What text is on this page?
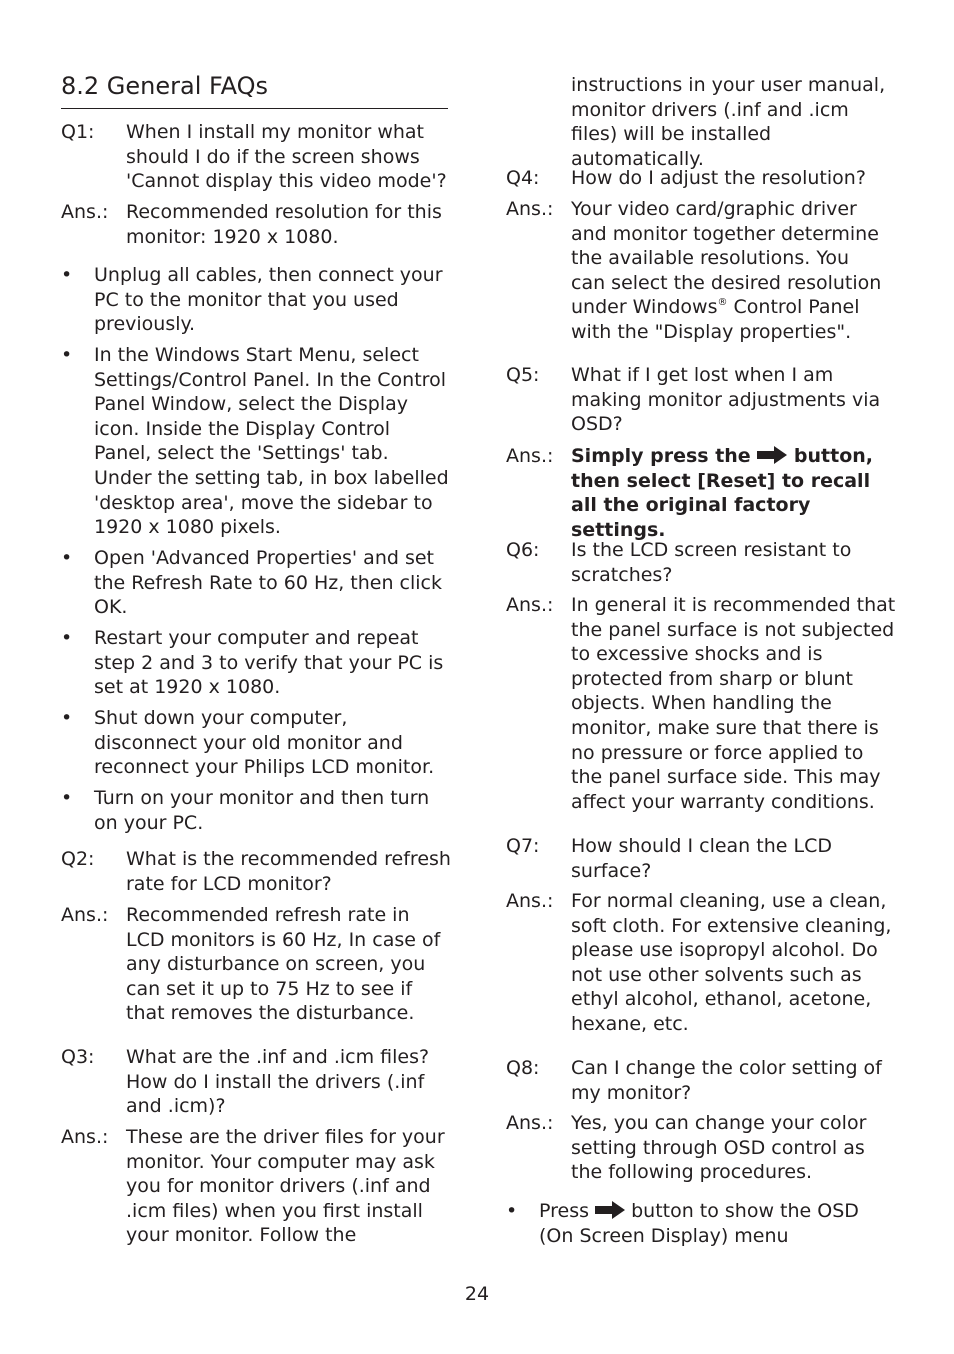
8.2 General FAQs
Q1: When I install my monitor what should I do if the screen shows 'Cannot display this video mode'?
Ans.: Recommended resolution for this monitor: 1920 x 1080.
• Unplug all cables, then connect your PC to the monitor that you used previously.
• In the Windows Start Menu, select Settings/Control Panel. In the Control Panel Window, select the Display icon. Inside the Display Control Panel, select the 'Settings' tab. Under the setting tab, in box labelled 'desktop area', move the sidebar to 1920 x 1080 pixels.
• Open 'Advanced Properties' and set the Refresh Rate to 60 Hz, then click OK.
• Restart your computer and repeat step 2 and 3 to verify that your PC is set at 1920 x 1080.
• Shut down your computer, disconnect your old monitor and reconnect your Philips LCD monitor.
• Turn on your monitor and then turn on your PC.
Q2: What is the recommended refresh rate for LCD monitor?
Ans.: Recommended refresh rate in LCD monitors is 60 Hz, In case of any disturbance on screen, you can set it up to 75 Hz to see if that removes the disturbance.
Q3: What are the .inf and .icm files? How do I install the drivers (.inf and .icm)?
Ans.: These are the driver files for your monitor. Your computer may ask you for monitor drivers (.inf and .icm files) when you first install your monitor. Follow the
instructions in your user manual, monitor drivers (.inf and .icm files) will be installed automatically.
Q4: How do I adjust the resolution?
Ans.: Your video card/graphic driver and monitor together determine the available resolutions. You can select the desired resolution under Windows® Control Panel with the "Display properties".
Q5: What if I get lost when I am making monitor adjustments via OSD?
Ans.: Simply press the  button, then select [Reset] to recall all the original factory settings.
Q6: Is the LCD screen resistant to scratches?
Ans.: In general it is recommended that the panel surface is not subjected to excessive shocks and is protected from sharp or blunt objects. When handling the monitor, make sure that there is no pressure or force applied to the panel surface side. This may affect your warranty conditions.
Q7: How should I clean the LCD surface?
Ans.: For normal cleaning, use a clean, soft cloth. For extensive cleaning, please use isopropyl alcohol. Do not use other solvents such as ethyl alcohol, ethanol, acetone, hexane, etc.
Q8: Can I change the color setting of my monitor?
Ans.: Yes, you can change your color setting through OSD control as the following procedures.
• Press  button to show the OSD (On Screen Display) menu
24
